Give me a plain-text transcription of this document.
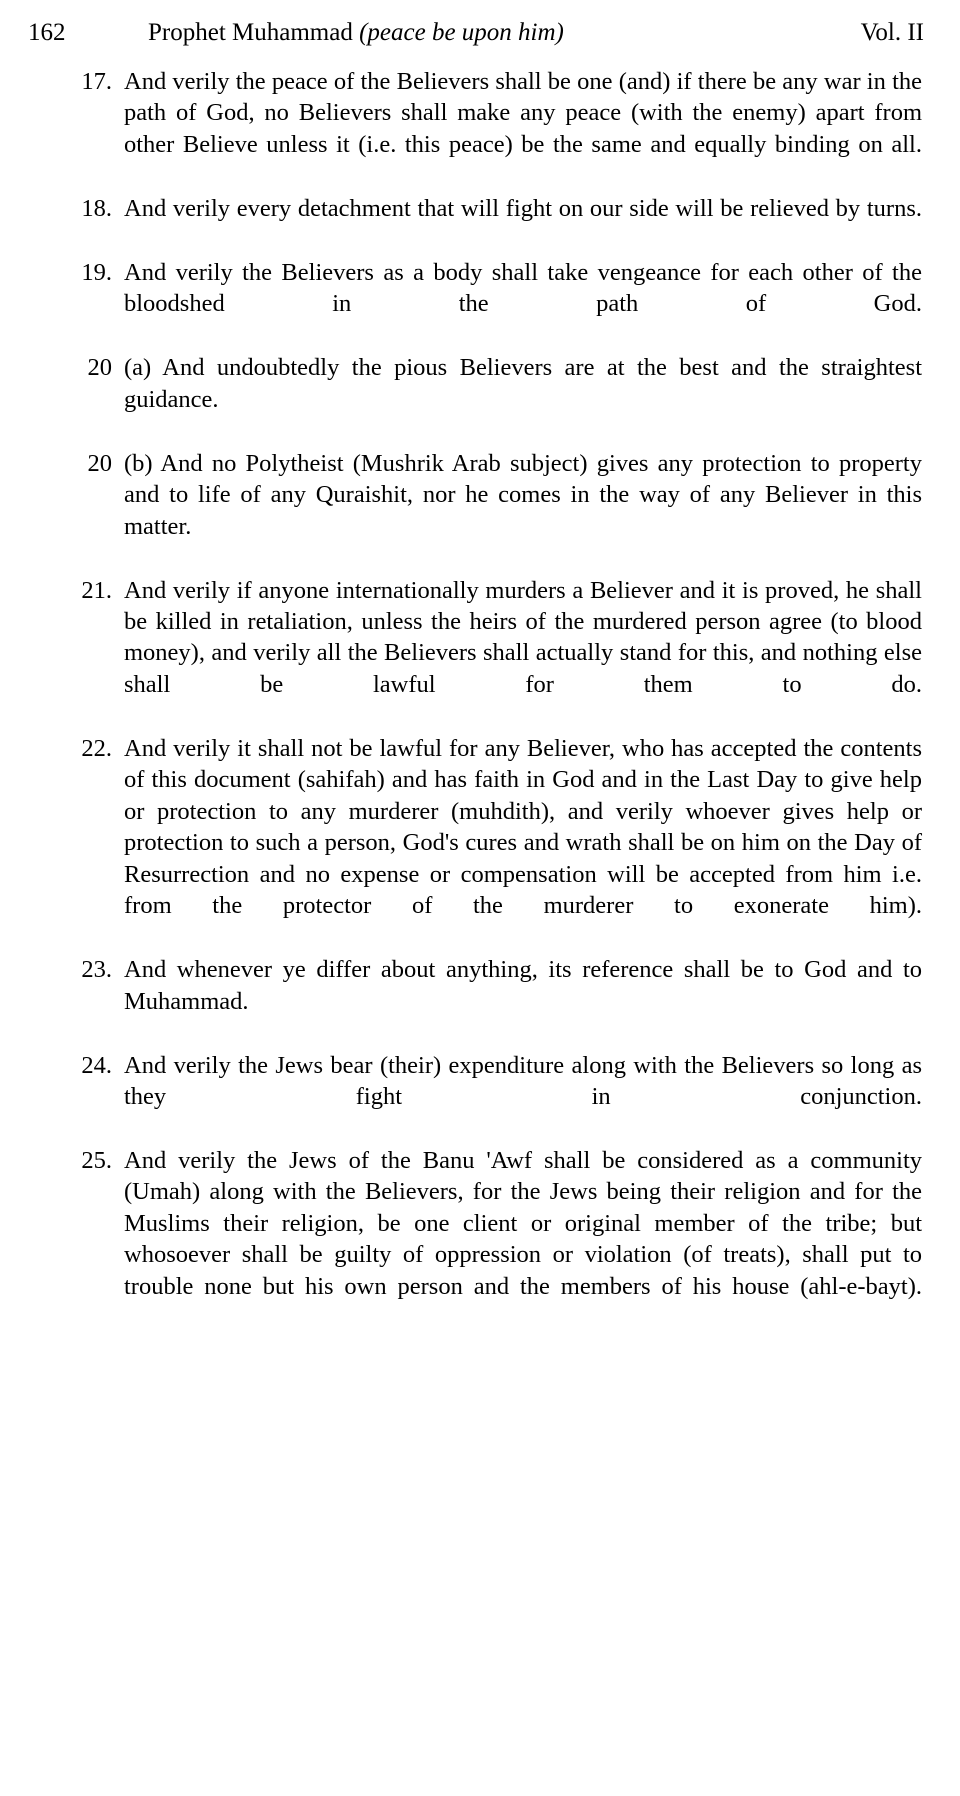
162	Prophet Muhammad (peace be upon him)	Vol. II
17. And verily the peace of the Believers shall be one (and) if there be any war in the path of God, no Believers shall make any peace (with the enemy) apart from other Believe unless it (i.e. this peace) be the same and equally binding on all.
18. And verily every detachment that will fight on our side will be relieved by turns.
19. And verily the Believers as a body shall take vengeance for each other of the bloodshed in the path of God.
20 (a) And undoubtedly the pious Believers are at the best and the straightest guidance.
20 (b) And no Polytheist (Mushrik Arab subject) gives any protection to property and to life of any Quraishit, nor he comes in the way of any Believer in this matter.
21. And verily if anyone internationally murders a Believer and it is proved, he shall be killed in retaliation, unless the heirs of the murdered person agree (to blood money), and verily all the Believers shall actually stand for this, and nothing else shall be lawful for them to do.
22. And verily it shall not be lawful for any Believer, who has accepted the contents of this document (sahifah) and has faith in God and in the Last Day to give help or protection to any murderer (muhdith), and verily whoever gives help or protection to such a person, God's cures and wrath shall be on him on the Day of Resurrection and no expense or compensation will be accepted from him i.e. from the protector of the murderer to exonerate him).
23. And whenever ye differ about anything, its reference shall be to God and to Muhammad.
24. And verily the Jews bear (their) expenditure along with the Believers so long as they fight in conjunction.
25. And verily the Jews of the Banu 'Awf shall be considered as a community (Umah) along with the Believers, for the Jews being their religion and for the Muslims their religion, be one client or original member of the tribe; but whosoever shall be guilty of oppression or violation (of treats), shall put to trouble none but his own person and the members of his house (ahl-e-bayt).
